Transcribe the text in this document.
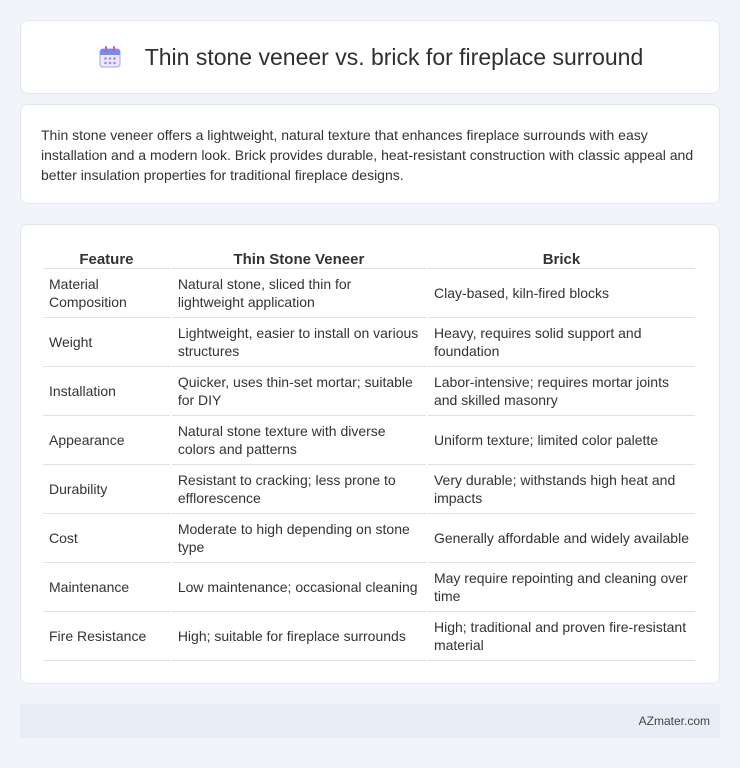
Thin stone veneer vs. brick for fireplace surround

Thin stone veneer offers a lightweight, natural texture that enhances fireplace surrounds with easy installation and a modern look. Brick provides durable, heat-resistant construction with classic appeal and better insulation properties for traditional fireplace designs.

Feature	Thin Stone Veneer	Brick
Material Composition	Natural stone, sliced thin for lightweight application	Clay-based, kiln-fired blocks
Weight	Lightweight, easier to install on various structures	Heavy, requires solid support and foundation
Installation	Quicker, uses thin-set mortar; suitable for DIY	Labor-intensive; requires mortar joints and skilled masonry
Appearance	Natural stone texture with diverse colors and patterns	Uniform texture; limited color palette
Durability	Resistant to cracking; less prone to efflorescence	Very durable; withstands high heat and impacts
Cost	Moderate to high depending on stone type	Generally affordable and widely available
Maintenance	Low maintenance; occasional cleaning	May require repointing and cleaning over time
Fire Resistance	High; suitable for fireplace surrounds	High; traditional and proven fire-resistant material
AZmater.com
